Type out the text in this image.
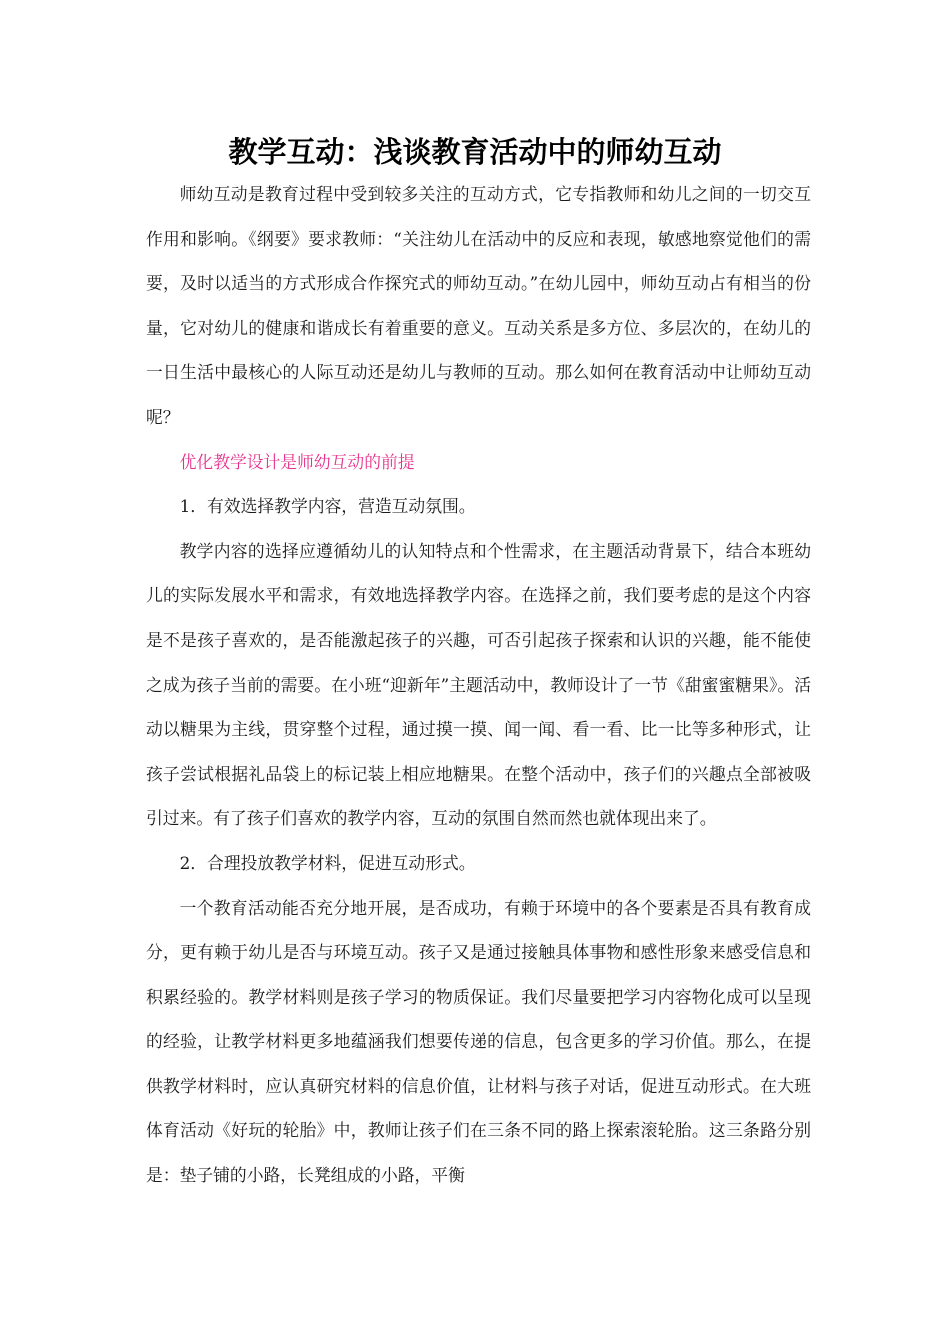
教学互动：浅谈教育活动中的师幼互动

师幼互动是教育过程中受到较多关注的互动方式，它专指教师和幼儿之间的一切交互作用和影响。《纲要》要求教师：“关注幼儿在活动中的反应和表现，敏感地察觉他们的需要，及时以适当的方式形成合作探究式的师幼互动。”在幼儿园中，师幼互动占有相当的份量，它对幼儿的健康和谐成长有着重要的意义。互动关系是多方位、多层次的，在幼儿的一日生活中最核心的人际互动还是幼儿与教师的互动。那么如何在教育活动中让师幼互动呢？

优化教学设计是师幼互动的前提

1．有效选择教学内容，营造互动氛围。

教学内容的选择应遵循幼儿的认知特点和个性需求，在主题活动背景下，结合本班幼儿的实际发展水平和需求，有效地选择教学内容。在选择之前，我们要考虑的是这个内容是不是孩子喜欢的，是否能激起孩子的兴趣，可否引起孩子探索和认识的兴趣，能不能使之成为孩子当前的需要。在小班“迎新年”主题活动中，教师设计了一节《甜蜜蜜糖果》。活动以糖果为主线，贯穿整个过程，通过摸一摸、闻一闻、看一看、比一比等多种形式，让孩子尝试根据礼品袋上的标记装上相应地糖果。在整个活动中，孩子们的兴趣点全部被吸引过来。有了孩子们喜欢的教学内容，互动的氛围自然而然也就体现出来了。

2．合理投放教学材料，促进互动形式。

一个教育活动能否充分地开展，是否成功，有赖于环境中的各个要素是否具有教育成分，更有赖于幼儿是否与环境互动。孩子又是通过接触具体事物和感性形象来感受信息和积累经验的。教学材料则是孩子学习的物质保证。我们尽量要把学习内容物化成可以呈现的经验，让教学材料更多地蕴涵我们想要传递的信息，包含更多的学习价值。那么，在提供教学材料时，应认真研究材料的信息价值，让材料与孩子对话，促进互动形式。在大班体育活动《好玩的轮胎》中，教师让孩子们在三条不同的路上探索滚轮胎。这三条路分别是：垫子铺的小路，长凳组成的小路，平衡
